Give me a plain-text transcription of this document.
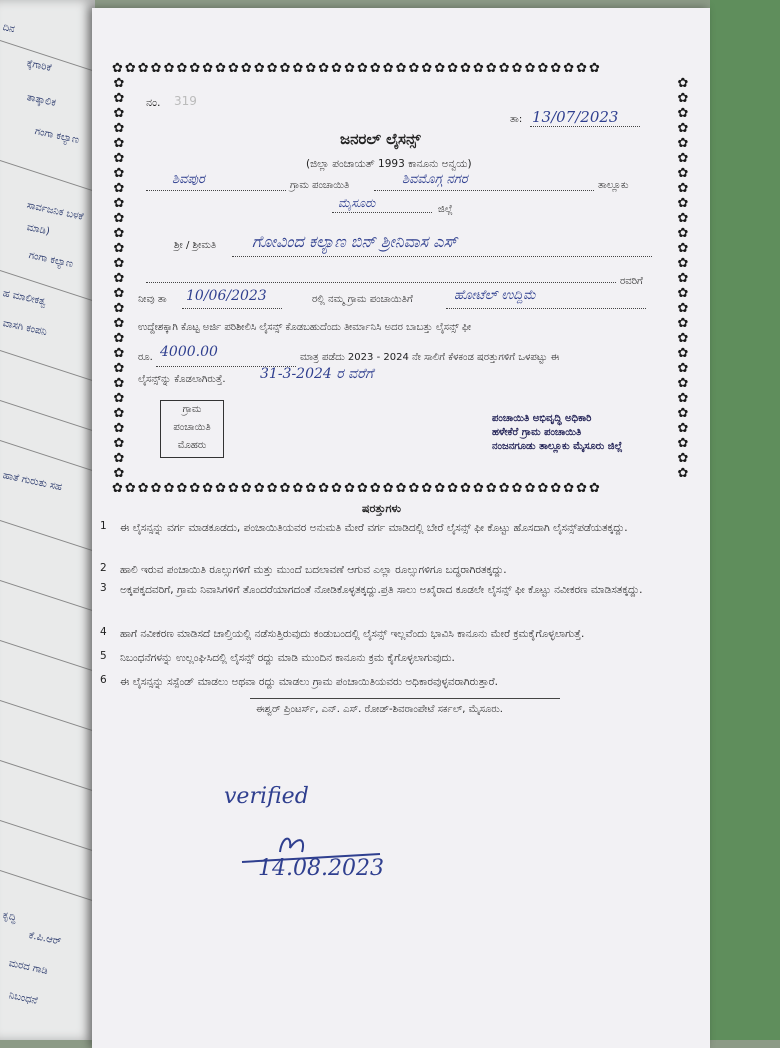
ದಿನ
ಕ್ಕೆಗಾರಿಕೆ
ತಾತ್ಕಾಲಿಕ
ಗಂಗಾ ಕಲ್ಯಾಣ
ಸಾರ್ವಜನಿಕ ಬಳಕೆ
ಮಾಡಿ)
ಗಂಗಾ ಕಲ್ಯಾಣ
ಹ ಮಾಲೀಕತ್ವ
ವಾಸಗಿ ಕಂಪನಿ
ಹಾತೆ ಗುರುತು ಸಹ
ಕೃದ್ಧಿ
ಕೆ.ಪಿ.ಆರ್
ಮರದ ಗಾಡಿ
ನಿಬಂಧನೆ
✿✿✿✿✿✿✿✿✿✿✿✿✿✿✿✿✿✿✿✿✿✿✿✿✿✿✿✿✿✿✿✿✿✿✿✿✿✿
✿✿✿✿✿✿✿✿✿✿✿✿✿✿✿✿✿✿✿✿✿✿✿✿✿✿✿✿✿✿✿✿✿✿✿✿✿✿
✿✿✿✿✿✿✿✿✿✿✿✿✿✿✿✿✿✿✿✿✿✿✿✿✿✿✿
✿✿✿✿✿✿✿✿✿✿✿✿✿✿✿✿✿✿✿✿✿✿✿✿✿✿✿
ನಂ. 319
ತಾ: 13/07/2023
ಜನರಲ್ ಲೈಸನ್ಸ್
(ಜಿಲ್ಲಾ ಪಂಚಾಯತ್ 1993 ಕಾನೂನು ಅನ್ವಯ)
ಶಿವಪುರ	ಗ್ರಾಮ ಪಂಚಾಯಿತಿ	ಶಿವಮೊಗ್ಗ ನಗರ	ತಾಲ್ಲೂಕು
ಮೈಸೂರು	ಜಿಲ್ಲೆ
ಶ್ರೀ / ಶ್ರೀಮತಿ ಗೋವಿಂದ ಕಲ್ಯಾಣ ಬಿನ್ ಶ್ರೀನಿವಾಸ ಎಸ್
ರವರಿಗೆ
ನೀವು ತಾ 10/06/2023	ರಲ್ಲಿ ನಮ್ಮ ಗ್ರಾಮ ಪಂಚಾಯಿತಿಗೆ	ಹೋಟೆಲ್ ಉದ್ದಿಮೆ
ಉದ್ದೇಶಕ್ಕಾಗಿ ಕೊಟ್ಟ ಅರ್ಜಿ ಪರಿಶೀಲಿಸಿ ಲೈಸನ್ಸ್ ಕೊಡಬಹುದೆಂದು ತೀರ್ಮಾನಿಸಿ ಅದರ ಬಾಬತ್ತು ಲೈಸನ್ಸ್ ಫೀ
ರೂ. 4000.00	ಮಾತ್ರ ಪಡೆದು 2023 - 2024 ನೇ ಸಾಲಿಗೆ ಕೆಳಕಂಡ ಷರತ್ತುಗಳಿಗೆ ಒಳಪಟ್ಟು ಈ
ಲೈಸನ್ಸ್‌ನ್ನು ಕೊಡಲಾಗಿರುತ್ತೆ. 31-3-2024 ರ ವರೆಗೆ
ಗ್ರಾಮ
ಪಂಚಾಯಿತಿ
ಮೊಹರು
ಪಂಚಾಯಿತಿ ಅಭಿವೃದ್ಧಿ ಅಧಿಕಾರಿ
ಹಳೇಕೆರೆ ಗ್ರಾಮ ಪಂಚಾಯಿತಿ
ನಂಜನಗೂಡು ತಾಲ್ಲೂಕು ಮೈಸೂರು ಜಿಲ್ಲೆ
ಷರತ್ತುಗಳು
1	ಈ ಲೈಸನ್ಸನ್ನು ವರ್ಗ ಮಾಡಕೂಡದು, ಪಂಚಾಯಿತಿಯವರ ಅನುಮತಿ ಮೇರೆ ವರ್ಗ ಮಾಡಿದಲ್ಲಿ ಬೇರೆ ಲೈಸನ್ಸ್ ಫೀ ಕೊಟ್ಟು ಹೊಸದಾಗಿ ಲೈಸನ್ಸ್‌ಪಡೆಯತಕ್ಕದ್ದು.
2	ಹಾಲಿ ಇರುವ ಪಂಚಾಯಿತಿ ರೂಲ್ಸುಗಳಿಗೆ ಮತ್ತು ಮುಂದೆ ಬದಲಾವಣೆ ಆಗುವ ಎಲ್ಲಾ ರೂಲ್ಸುಗಳಿಗೂ ಬದ್ಧರಾಗಿರತಕ್ಕದ್ದು.
3	ಅಕ್ಕಪಕ್ಕದವರಿಗೆ, ಗ್ರಾಮ ನಿವಾಸಿಗಳಿಗೆ ತೊಂದರೆಯಾಗದಂತೆ ನೋಡಿಕೊಳ್ಳತಕ್ಕದ್ದು.ಪ್ರತಿ ಸಾಲು ಅಖೈರಾದ ಕೂಡಲೇ ಲೈಸನ್ಸ್ ಫೀ ಕೊಟ್ಟು ನವೀಕರಣ ಮಾಡಿಸತಕ್ಕದ್ದು.
4	ಹಾಗೆ ನವೀಕರಣ ಮಾಡಿಸದೆ ಚಾಲ್ತಿಯಲ್ಲಿ ನಡೆಸುತ್ತಿರುವುದು ಕಂಡುಬಂದಲ್ಲಿ ಲೈಸನ್ಸ್ ಇಲ್ಲವೆಂದು ಭಾವಿಸಿ ಕಾನೂನು ಮೇರೆ ಕ್ರಮಕೈಗೊಳ್ಳಲಾಗುತ್ತೆ.
5	ನಿಬಂಧನೆಗಳನ್ನು ಉಲ್ಲಂಘಿಸಿದಲ್ಲಿ ಲೈಸನ್ಸ್ ರದ್ದು ಮಾಡಿ ಮುಂದಿನ ಕಾನೂನು ಕ್ರಮ ಕೈಗೊಳ್ಳಲಾಗುವುದು.
6	ಈ ಲೈಸನ್ಸನ್ನು ಸಸ್ಪೆಂಡ್ ಮಾಡಲು ಅಥವಾ ರದ್ದು ಮಾಡಲು ಗ್ರಾಮ ಪಂಚಾಯಿತಿಯವರು ಅಧಿಕಾರವುಳ್ಳವರಾಗಿರುತ್ತಾರೆ.
ಈಶ್ವರ್ ಪ್ರಿಂಟರ್ಸ್, ಎನ್. ಎಸ್. ರೋಡ್-ಶಿವರಾಂಪೇಟೆ ಸರ್ಕಲ್, ಮೈಸೂರು.
verified
14.08.2023
